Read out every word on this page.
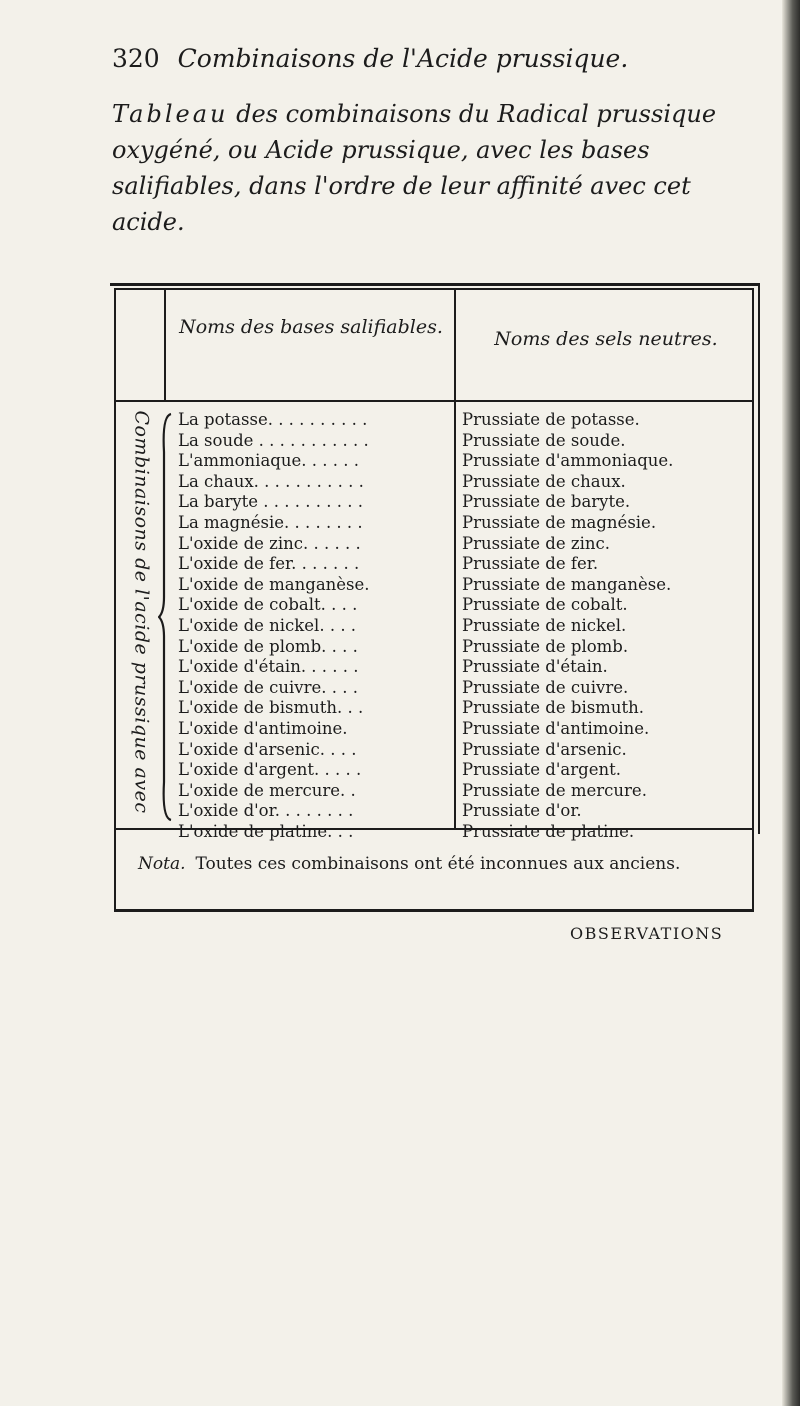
320 Combinaisons de l'Acide prussique.
Tableau des combinaisons du Radical prussique oxygéné, ou Acide prussique, avec les bases salifiables, dans l'ordre de leur affinité avec cet acide.
Noms des bases salifiables.
Noms des sels neutres.
Combinaisons de l'acide prussique avec La potasse. . . . . . . . . .
La soude . . . . . . . . . . .
L'ammoniaque. . . . . .
La chaux. . . . . . . . . . .
La baryte . . . . . . . . . .
La magnésie. . . . . . . .
L'oxide de zinc. . . . . .
L'oxide de fer. . . . . . .
L'oxide de manganèse.
L'oxide de cobalt. . . .
L'oxide de nickel. . . .
L'oxide de plomb. . . .
L'oxide d'étain. . . . . .
L'oxide de cuivre. . . .
L'oxide de bismuth. . .
L'oxide d'antimoine.
L'oxide d'arsenic. . . .
L'oxide d'argent. . . . .
L'oxide de mercure. .
L'oxide d'or. . . . . . . .
L'oxide de platine. . .
Prussiate de potasse.
Prussiate de soude.
Prussiate d'ammoniaque.
Prussiate de chaux.
Prussiate de baryte.
Prussiate de magnésie.
Prussiate de zinc.
Prussiate de fer.
Prussiate de manganèse.
Prussiate de cobalt.
Prussiate de nickel.
Prussiate de plomb.
Prussiate d'étain.
Prussiate de cuivre.
Prussiate de bismuth.
Prussiate d'antimoine.
Prussiate d'arsenic.
Prussiate d'argent.
Prussiate de mercure.
Prussiate d'or.
Prussiate de platine.
Nota. Toutes ces combinaisons ont été inconnues aux anciens.
OBSERVATIONS
